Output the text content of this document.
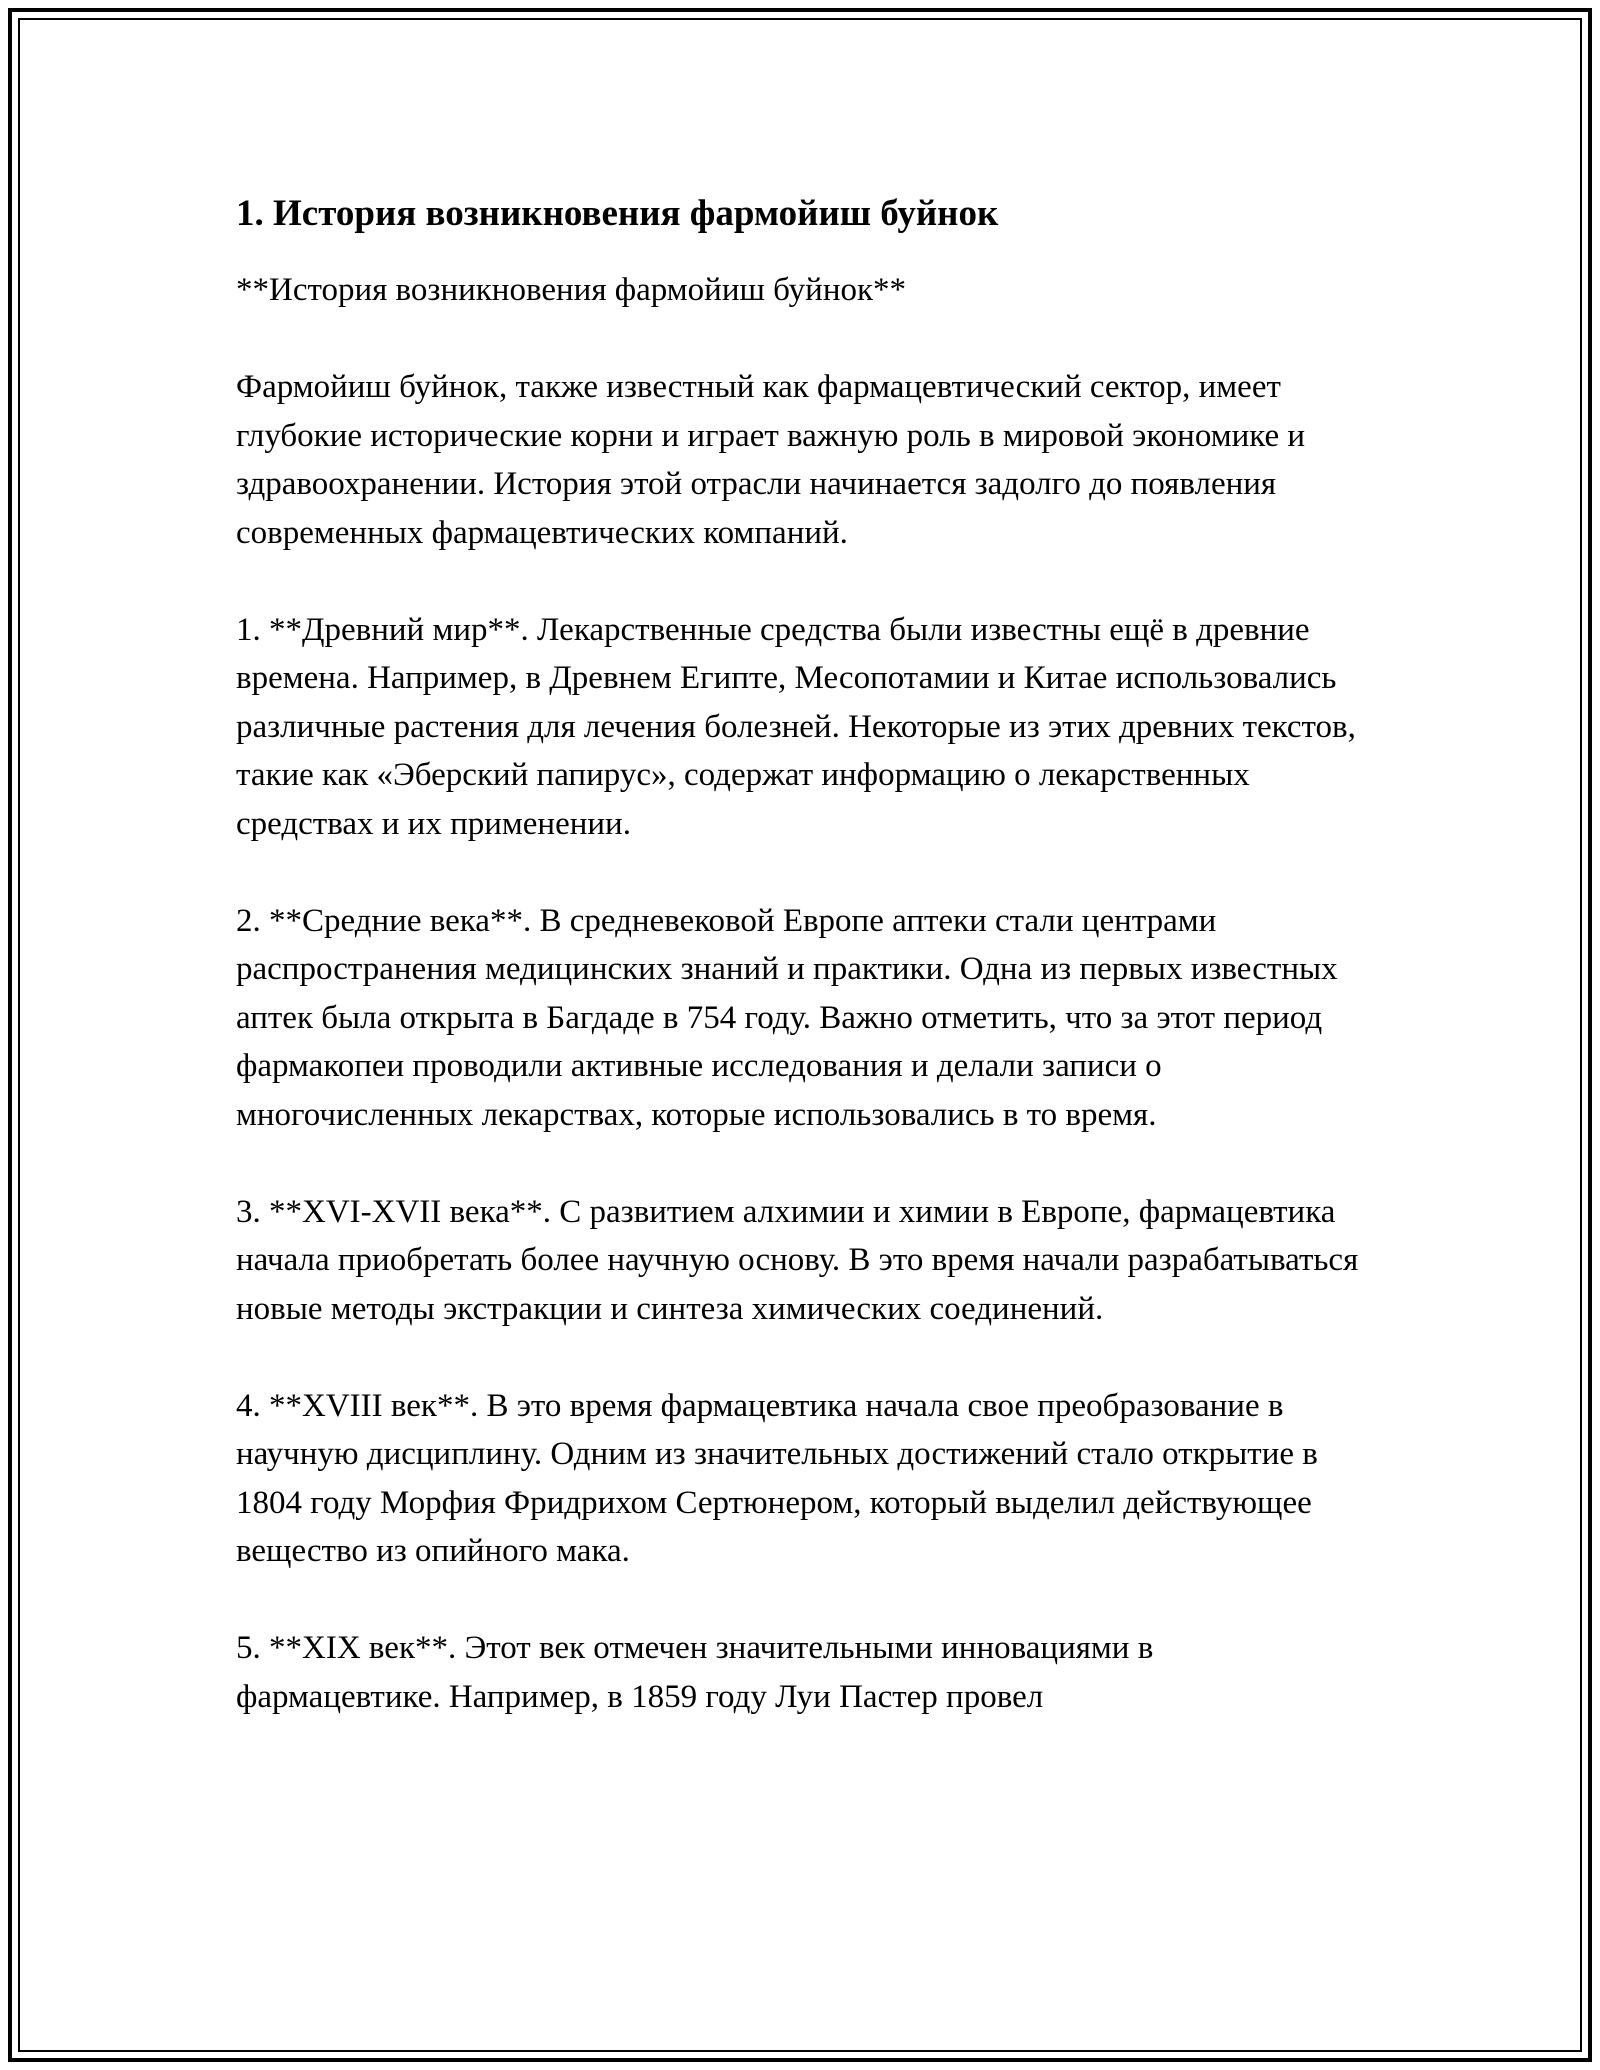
1. История возникновения фармойиш буйнок

**История возникновения фармойиш буйнок**

Фармойиш буйнок, также известный как фармацевтический сектор, имеет глубокие исторические корни и играет важную роль в мировой экономике и здравоохранении. История этой отрасли начинается задолго до появления современных фармацевтических компаний.

1. **Древний мир**. Лекарственные средства были известны ещё в древние времена. Например, в Древнем Египте, Месопотамии и Китае использовались различные растения для лечения болезней. Некоторые из этих древних текстов, такие как «Эберский папирус», содержат информацию о лекарственных средствах и их применении.

2. **Средние века**. В средневековой Европе аптеки стали центрами распространения медицинских знаний и практики. Одна из первых известных аптек была открыта в Багдаде в 754 году. Важно отметить, что за этот период фармакопеи проводили активные исследования и делали записи о многочисленных лекарствах, которые использовались в то время.

3. **XVI-XVII века**. С развитием алхимии и химии в Европе, фармацевтика начала приобретать более научную основу. В это время начали разрабатываться новые методы экстракции и синтеза химических соединений.

4. **XVIII век**. В это время фармацевтика начала свое преобразование в научную дисциплину. Одним из значительных достижений стало открытие в 1804 году Морфия Фридрихом Сертюнером, который выделил действующее вещество из опийного мака.

5. **XIX век**. Этот век отмечен значительными инновациями в фармацевтике. Например, в 1859 году Луи Пастер провел
